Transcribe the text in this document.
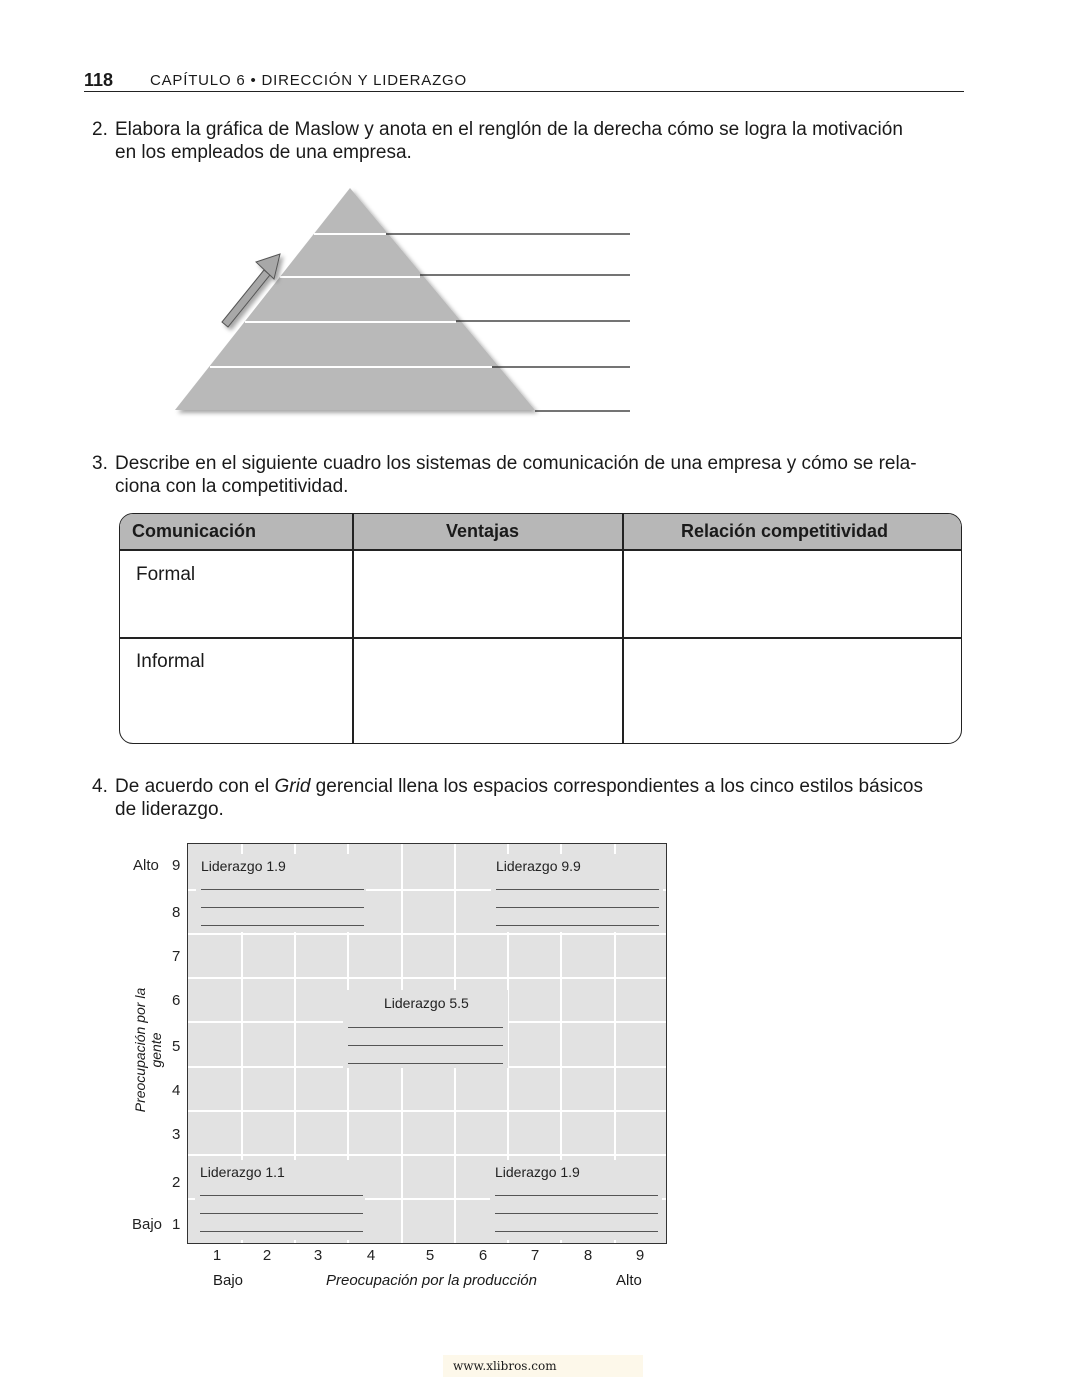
118 CAPÍTULO 6 • DIRECCIÓN Y LIDERAZGO
2. Elabora la gráfica de Maslow y anota en el renglón de la derecha cómo se logra la motivación
en los empleados de una empresa.
3. Describe en el siguiente cuadro los sistemas de comunicación de una empresa y cómo se rela-
ciona con la competitividad.
Comunicación	Ventajas	Relación competitividad
Formal
Informal
4. De acuerdo con el Grid gerencial llena los espacios correspondientes a los cinco estilos básicos
de liderazgo.
Liderazgo 1.9	Liderazgo 9.9
Liderazgo 5.5
Liderazgo 1.1	Liderazgo 1.9
Alto
Bajo
9
8
7
6
5
4
3
2
1
Preocupación por la gente
1	2	3	4	5	6	7	8	9
Bajo	Preocupación por la producción	Alto
www.xlibros.com
